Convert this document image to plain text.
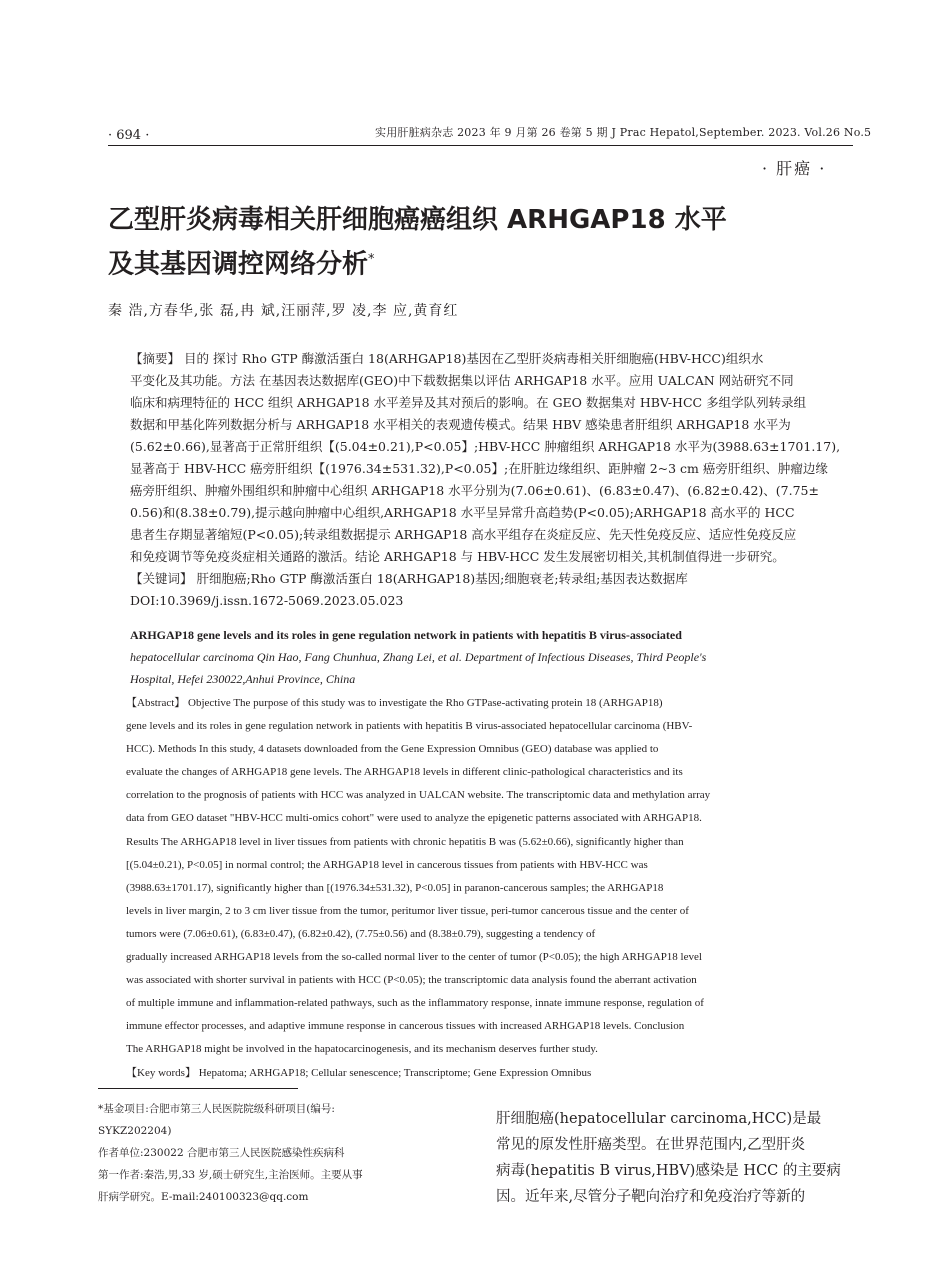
· 694 ·	实用肝脏病杂志 2023 年 9 月第 26 卷第 5 期 J Prac Hepatol,September. 2023. Vol.26 No.5
· 肝癌 ·
乙型肝炎病毒相关肝细胞癌癌组织 ARHGAP18 水平
及其基因调控网络分析*
秦 浩,方春华,张 磊,冉 斌,汪丽萍,罗 凌,李 应,黄育红
【摘要】 目的 探讨 Rho GTP 酶激活蛋白 18(ARHGAP18)基因在乙型肝炎病毒相关肝细胞癌(HBV-HCC)组织水
平变化及其功能。方法 在基因表达数据库(GEO)中下载数据集以评估 ARHGAP18 水平。应用 UALCAN 网站研究不同
临床和病理特征的 HCC 组织 ARHGAP18 水平差异及其对预后的影响。在 GEO 数据集对 HBV-HCC 多组学队列转录组
数据和甲基化阵列数据分析与 ARHGAP18 水平相关的表观遗传模式。结果 HBV 感染患者肝组织 ARHGAP18 水平为
(5.62±0.66),显著高于正常肝组织【(5.04±0.21),P<0.05】;HBV-HCC 肿瘤组织 ARHGAP18 水平为(3988.63±1701.17),
显著高于 HBV-HCC 癌旁肝组织【(1976.34±531.32),P<0.05】;在肝脏边缘组织、距肿瘤 2~3 cm 癌旁肝组织、肿瘤边缘
癌旁肝组织、肿瘤外围组织和肿瘤中心组织 ARHGAP18 水平分别为(7.06±0.61)、(6.83±0.47)、(6.82±0.42)、(7.75±
0.56)和(8.38±0.79),提示越向肿瘤中心组织,ARHGAP18 水平呈异常升高趋势(P<0.05);ARHGAP18 高水平的 HCC
患者生存期显著缩短(P<0.05);转录组数据提示 ARHGAP18 高水平组存在炎症反应、先天性免疫反应、适应性免疫反应
和免疫调节等免疫炎症相关通路的激活。结论 ARHGAP18 与 HBV-HCC 发生发展密切相关,其机制值得进一步研究。
【关键词】 肝细胞癌;Rho GTP 酶激活蛋白 18(ARHGAP18)基因;细胞衰老;转录组;基因表达数据库
DOI:10.3969/j.issn.1672-5069.2023.05.023
ARHGAP18 gene levels and its roles in gene regulation network in patients with hepatitis B virus-associated
hepatocellular carcinoma Qin Hao, Fang Chunhua, Zhang Lei, et al. Department of Infectious Diseases, Third People's
Hospital, Hefei 230022,Anhui Province, China
【Abstract】 Objective The purpose of this study was to investigate the Rho GTPase-activating protein 18 (ARHGAP18)
gene levels and its roles in gene regulation network in patients with hepatitis B virus-associated hepatocellular carcinoma (HBV-
HCC). Methods In this study, 4 datasets downloaded from the Gene Expression Omnibus (GEO) database was applied to
evaluate the changes of ARHGAP18 gene levels. The ARHGAP18 levels in different clinic-pathological characteristics and its
correlation to the prognosis of patients with HCC was analyzed in UALCAN website. The transcriptomic data and methylation array
data from GEO dataset "HBV-HCC multi-omics cohort" were used to analyze the epigenetic patterns associated with ARHGAP18.
Results The ARHGAP18 level in liver tissues from patients with chronic hepatitis B was (5.62±0.66), significantly higher than
[(5.04±0.21), P<0.05] in normal control; the ARHGAP18 level in cancerous tissues from patients with HBV-HCC was
(3988.63±1701.17), significantly higher than [(1976.34±531.32), P<0.05] in paranon-cancerous samples; the ARHGAP18
levels in liver margin, 2 to 3 cm liver tissue from the tumor, peritumor liver tissue, peri-tumor cancerous tissue and the center of
tumors were (7.06±0.61), (6.83±0.47), (6.82±0.42), (7.75±0.56) and (8.38±0.79), suggesting a tendency of
gradually increased ARHGAP18 levels from the so-called normal liver to the center of tumor (P<0.05); the high ARHGAP18 level
was associated with shorter survival in patients with HCC (P<0.05); the transcriptomic data analysis found the aberrant activation
of multiple immune and inflammation-related pathways, such as the inflammatory response, innate immune response, regulation of
immune effector processes, and adaptive immune response in cancerous tissues with increased ARHGAP18 levels. Conclusion
The ARHGAP18 might be involved in the hapatocarcinogenesis, and its mechanism deserves further study.
【Key words】 Hepatoma; ARHGAP18; Cellular senescence; Transcriptome; Gene Expression Omnibus
*基金项目:合肥市第三人民医院院级科研项目(编号:
SYKZ202204)
作者单位:230022 合肥市第三人民医院感染性疾病科
第一作者:秦浩,男,33 岁,硕士研究生,主治医师。主要从事
肝病学研究。E-mail:240100323@qq.com
肝细胞癌(hepatocellular carcinoma,HCC)是最
常见的原发性肝癌类型。在世界范围内,乙型肝炎
病毒(hepatitis B virus,HBV)感染是 HCC 的主要病
因。近年来,尽管分子靶向治疗和免疫治疗等新的
